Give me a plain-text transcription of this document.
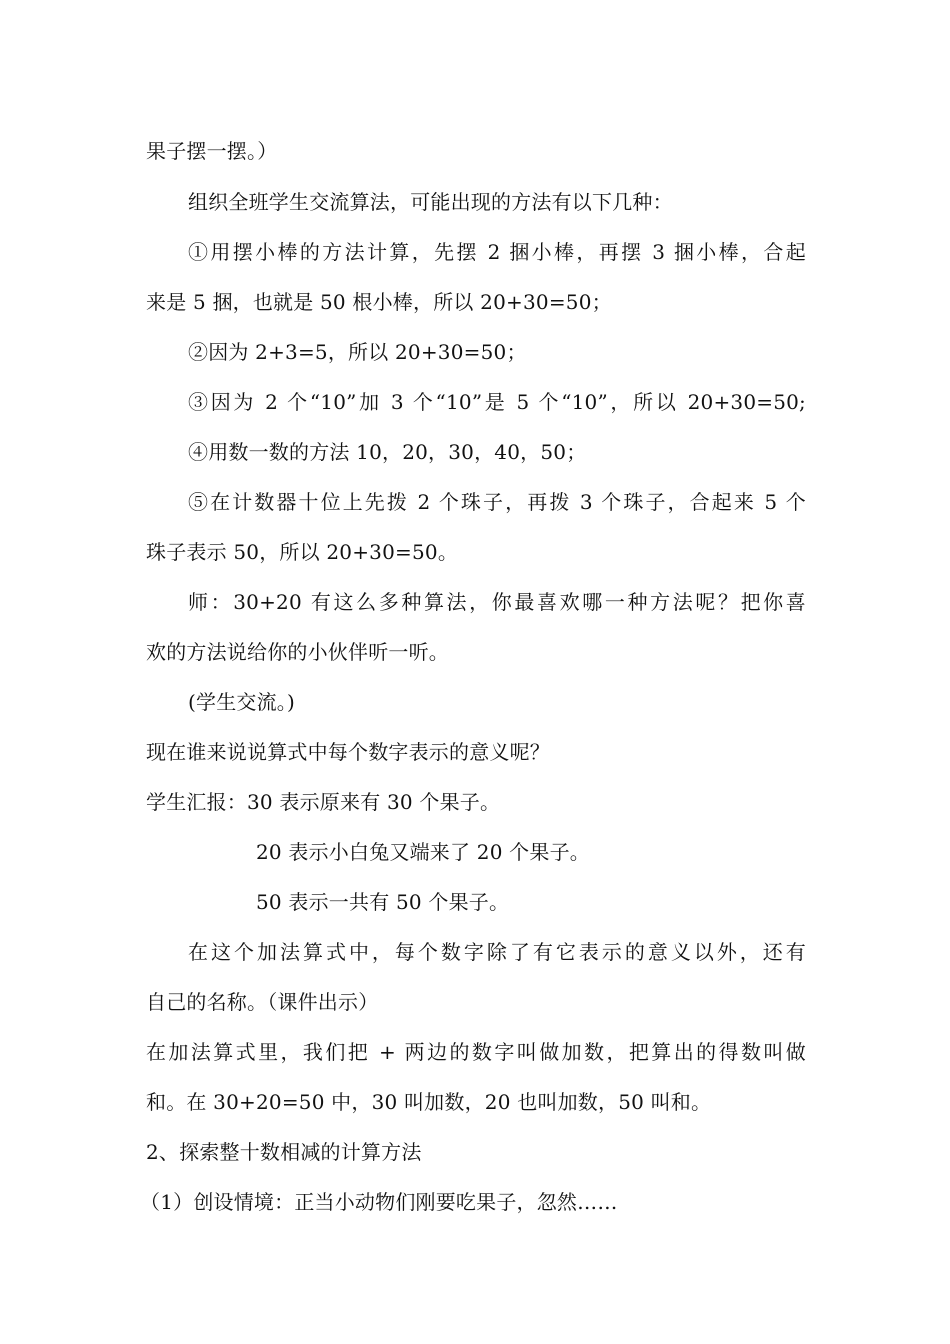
果子摆一摆。）
组织全班学生交流算法，可能出现的方法有以下几种：
①用摆小棒的方法计算，先摆 2 捆小棒，再摆 3 捆小棒，合起
来是 5 捆，也就是 50 根小棒，所以 20+30=50；
②因为 2+3=5，所以 20+30=50；
③因为 2 个“10”加 3 个“10”是 5 个“10”，所以 20+30=50;
④用数一数的方法 10，20，30，40，50；
⑤在计数器十位上先拨 2 个珠子，再拨 3 个珠子，合起来 5 个
珠子表示 50，所以 20+30=50。
师：30+20 有这么多种算法，你最喜欢哪一种方法呢？把你喜
欢的方法说给你的小伙伴听一听。
(学生交流。)
现在谁来说说算式中每个数字表示的意义呢？
学生汇报：30 表示原来有 30 个果子。
20 表示小白兔又端来了 20 个果子。
50 表示一共有 50 个果子。
在这个加法算式中，每个数字除了有它表示的意义以外，还有
自己的名称。（课件出示）
在加法算式里，我们把 + 两边的数字叫做加数，把算出的得数叫做
和。在 30+20=50 中，30 叫加数，20 也叫加数，50 叫和。
2、探索整十数相减的计算方法
（1）创设情境：正当小动物们刚要吃果子，忽然……
